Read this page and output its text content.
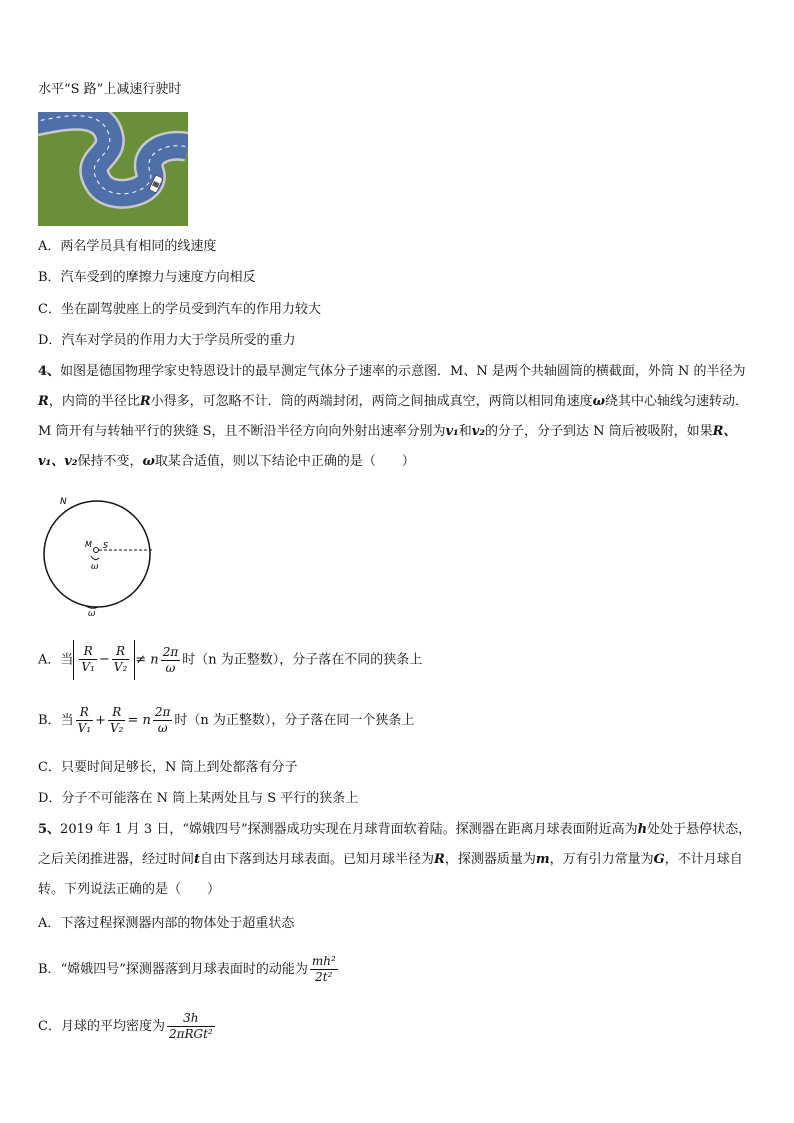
水平“S 路”上减速行驶时
A．两名学员具有相同的线速度
B．汽车受到的摩擦力与速度方向相反
C．坐在副驾驶座上的学员受到汽车的作用力较大
D．汽车对学员的作用力大于学员所受的重力
4、如图是德国物理学家史特恩设计的最早测定气体分子速率的示意图．M、N 是两个共轴圆筒的横截面，外筒 N 的半径为R，内筒的半径比R小得多，可忽略不计．筒的两端封闭，两筒之间抽成真空，两筒以相同角速度ω绕其中心轴线匀速转动．M 筒开有与转轴平行的狭缝 S，且不断沿半径方向向外射出速率分别为v₁和v₂的分子，分子到达 N 筒后被吸附，如果R、v₁、v₂保持不变，ω取某合适值，则以下结论中正确的是（　　）
N
M S
ω
ω
A．当 $\frac{R}{\text{V₁}} - \frac{R}{\text{V₂}} \ne n \frac{2\pi}{\omega}$ 时（n 为正整数），分子落在不同的狭条上
B．当 $\frac{R}{\text{V₁}} + \frac{R}{\text{V₂}} = n \frac{2\pi}{\omega}$ 时（n 为正整数），分子落在同一个狭条上
C．只要时间足够长，N 筒上到处都落有分子
D．分子不可能落在 N 筒上某两处且与 S 平行的狭条上
5、2019 年 1 月 3 日，“嫦娥四号”探测器成功实现在月球背面软着陆。探测器在距离月球表面附近高为h处处于悬停状态，之后关闭推进器，经过时间t自由下落到达月球表面。已知月球半径为R，探测器质量为m，万有引力常量为G，不计月球自转。下列说法正确的是（　　）
A．下落过程探测器内部的物体处于超重状态
B．“嫦娥四号”探测器落到月球表面时的动能为 $\frac{\text{mh²}}{\text{2t²}}$
C．月球的平均密度为 $\frac{3h}{\text{2πRGt²}}$
